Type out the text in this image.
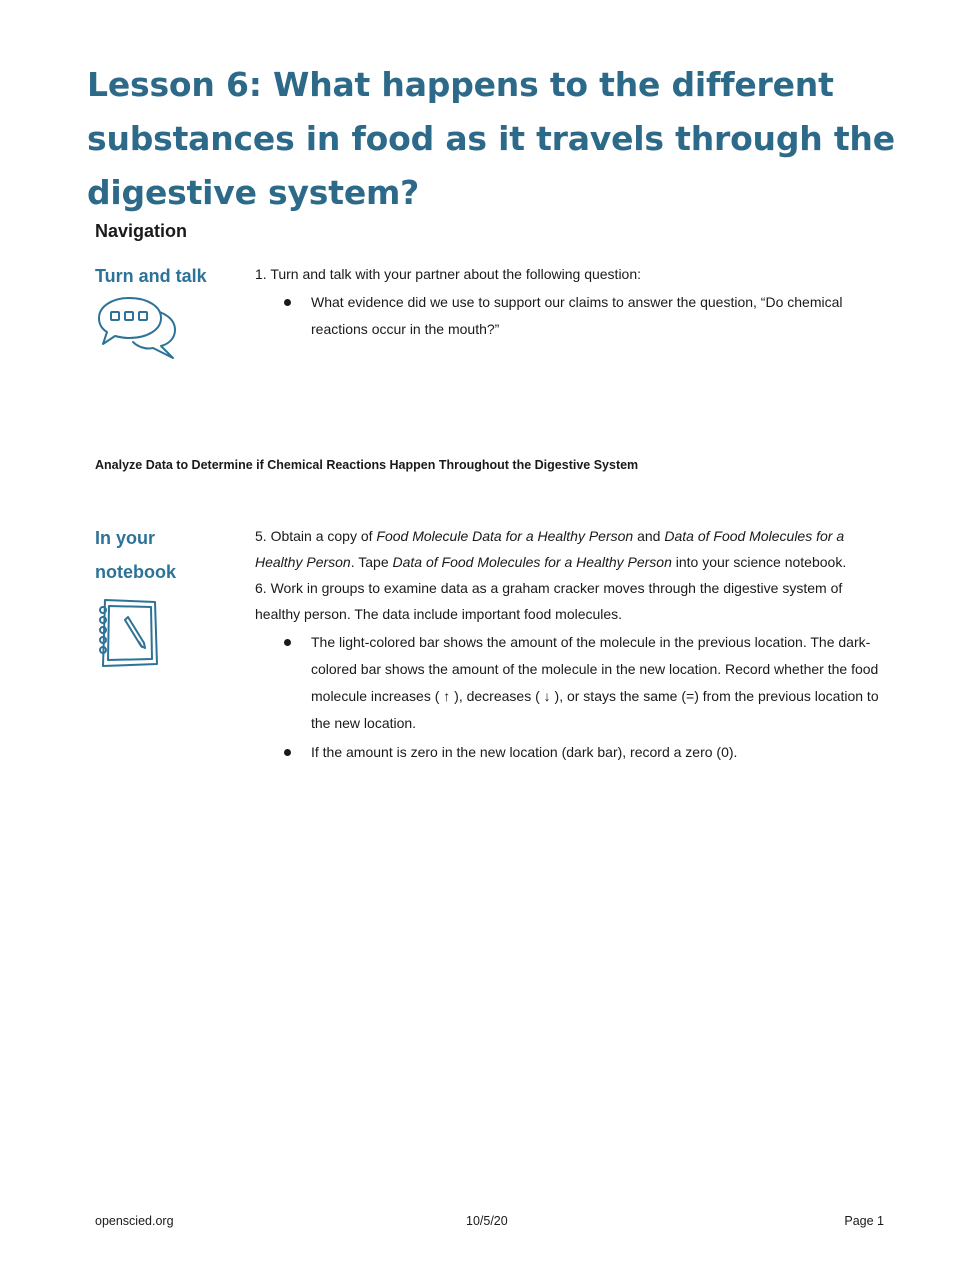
Lesson 6: What happens to the different substances in food as it travels through the digestive system?
Navigation
Turn and talk	1. Turn and talk with your partner about the following question:

What evidence did we use to support our claims to answer the question, “Do chemical reactions occur in the mouth?”
Analyze Data to Determine if Chemical Reactions Happen Throughout the Digestive System
In your
notebook

5. Obtain a copy of Food Molecule Data for a Healthy Person and Data of Food Molecules for a Healthy Person. Tape Data of Food Molecules for a Healthy Person into your science notebook.

6. Work in groups to examine data as a graham cracker moves through the digestive system of healthy person. The data include important food molecules.

The light-colored bar shows the amount of the molecule in the previous location. The dark-colored bar shows the amount of the molecule in the new location. Record whether the food molecule increases ( ↑ ), decreases ( ↓ ), or stays the same (=) from the previous location to the new location.
If the amount is zero in the new location (dark bar), record a zero (0).
openscied.org	10/5/20	Page 1
